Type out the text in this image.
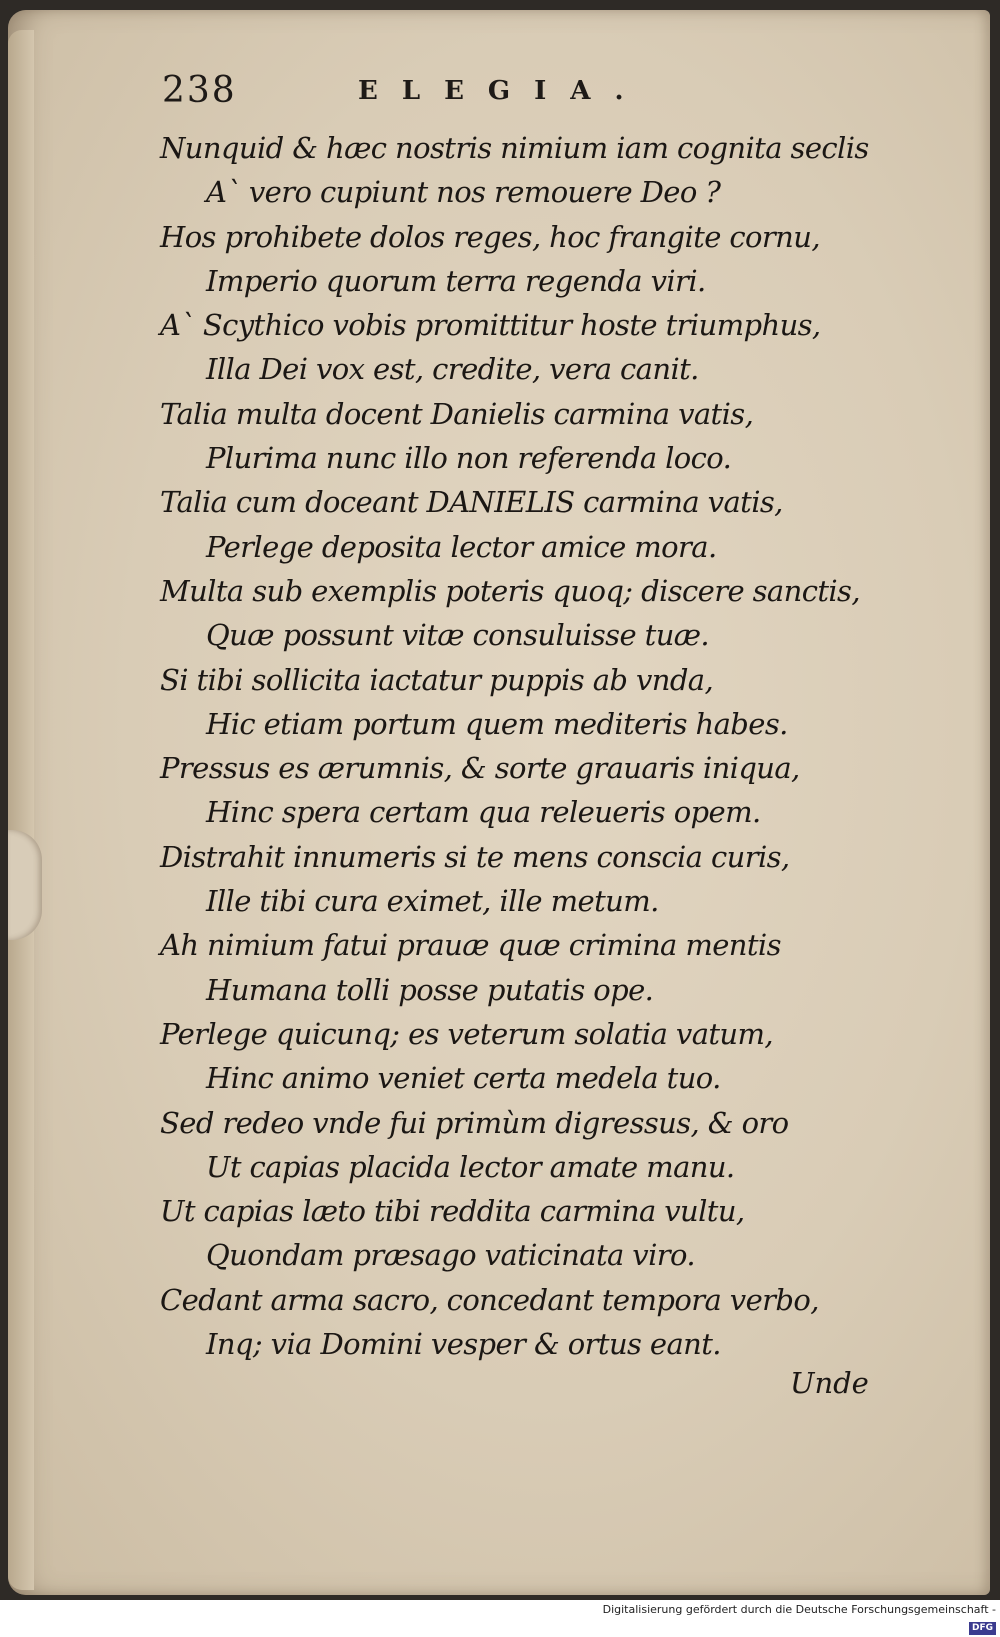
238	ELEGIA.
Nunquid & hæc nostris nimium iam cognita seclis
A` vero cupiunt nos remouere Deo ?
Hos prohibete dolos reges, hoc frangite cornu,
Imperio quorum terra regenda viri.
A` Scythico vobis promittitur hoste triumphus,
Illa Dei vox est, credite, vera canit.
Talia multa docent Danielis carmina vatis,
Plurima nunc illo non referenda loco.
Talia cum doceant DANIELIS carmina vatis,
Perlege deposita lector amice mora.
Multa sub exemplis poteris quoq; discere sanctis,
Quæ possunt vitæ consuluisse tuæ.
Si tibi sollicita iactatur puppis ab vnda,
Hic etiam portum quem mediteris habes.
Pressus es ærumnis, & sorte grauaris iniqua,
Hinc spera certam qua releueris opem.
Distrahit innumeris si te mens conscia curis,
Ille tibi cura eximet, ille metum.
Ah nimium fatui prauæ quæ crimina mentis
Humana tolli posse putatis ope.
Perlege quicunq; es veterum solatia vatum,
Hinc animo veniet certa medela tuo.
Sed redeo vnde fui primùm digressus, & oro
Ut capias placida lector amate manu.
Ut capias læto tibi reddita carmina vultu,
Quondam præsago vaticinata viro.
Cedant arma sacro, concedant tempora verbo,
Inq; via Domini vesper & ortus eant.
Unde
Digitalisierung gefördert durch die Deutsche Forschungsgemeinschaft -DFG
